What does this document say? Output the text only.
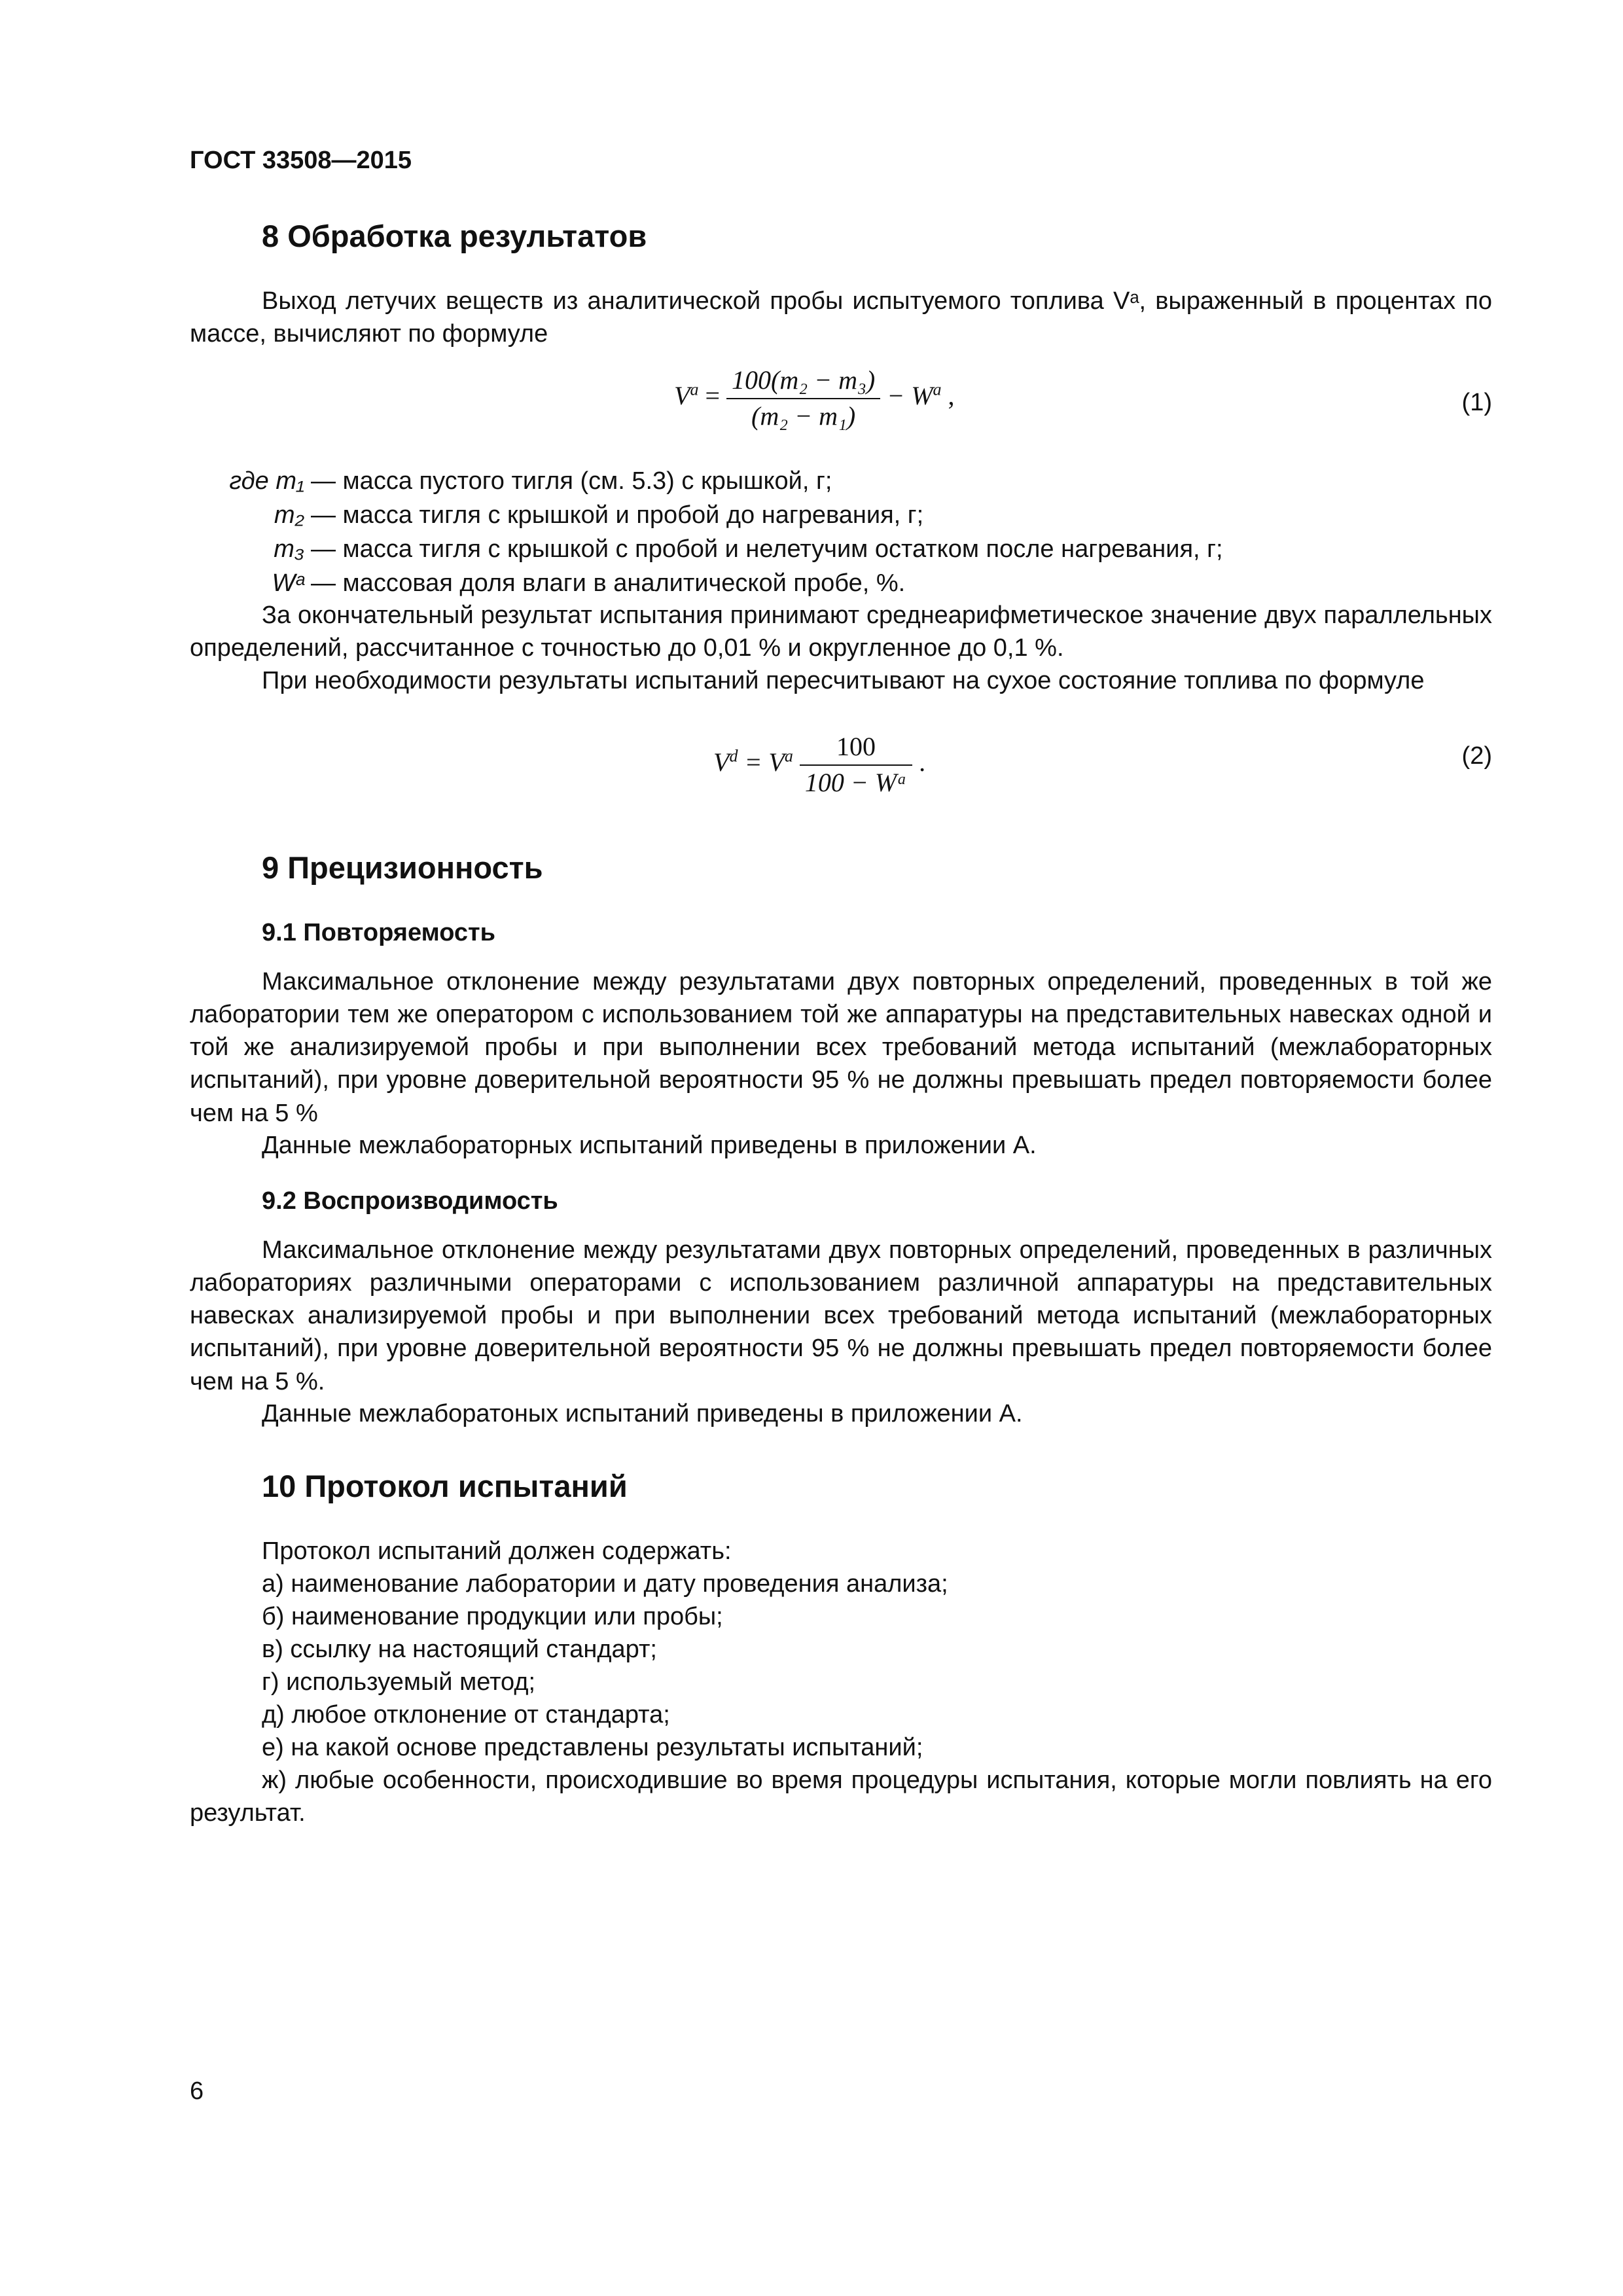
ГОСТ 33508—2015
8 Обработка результатов
Выход летучих веществ из аналитической пробы испытуемого топлива Vᵃ, выраженный в процентах по массе, вычисляют по формуле
$V^a = \frac{\text{100(m₂ − m₃)}}{\text{(m₂ − m₁)}} - W^a$ ,	(1)
где m₁ — масса пустого тигля (см. 5.3) с крышкой, г;
m₂ — масса тигля с крышкой и пробой до нагревания, г;
m₃ — масса тигля с крышкой с пробой и нелетучим остатком после нагревания, г;
Wᵃ — массовая доля влаги в аналитической пробе, %.
За окончательный результат испытания принимают среднеарифметическое значение двух параллельных определений, рассчитанное с точностью до 0,01 % и округленное до 0,1 %.
При необходимости результаты испытаний пересчитывают на сухое состояние топлива по формуле
$V^d = V^a \frac{100}{\text{100 − Wᵃ}}$ .	(2)
9 Прецизионность
9.1 Повторяемость
Максимальное отклонение между результатами двух повторных определений, проведенных в той же лаборатории тем же оператором с использованием той же аппаратуры на представительных навесках одной и той же анализируемой пробы и при выполнении всех требований метода испытаний (межлабораторных испытаний), при уровне доверительной вероятности 95 % не должны превышать предел повторяемости более чем на 5 %
Данные межлабораторных испытаний приведены в приложении А.
9.2 Воспроизводимость
Максимальное отклонение между результатами двух повторных определений, проведенных в различных лабораториях различными операторами с использованием различной аппаратуры на представительных навесках анализируемой пробы и при выполнении всех требований метода испытаний (межлабораторных испытаний), при уровне доверительной вероятности 95 % не должны превышать предел повторяемости более чем на 5 %.
Данные межлаборатоных испытаний приведены в приложении А.
10 Протокол испытаний
Протокол испытаний должен содержать:
а) наименование лаборатории и дату проведения анализа;
б) наименование продукции или пробы;
в) ссылку на настоящий стандарт;
г) используемый метод;
д) любое отклонение от стандарта;
е) на какой основе представлены результаты испытаний;
ж) любые особенности, происходившие во время процедуры испытания, которые могли повлиять на его результат.
6
